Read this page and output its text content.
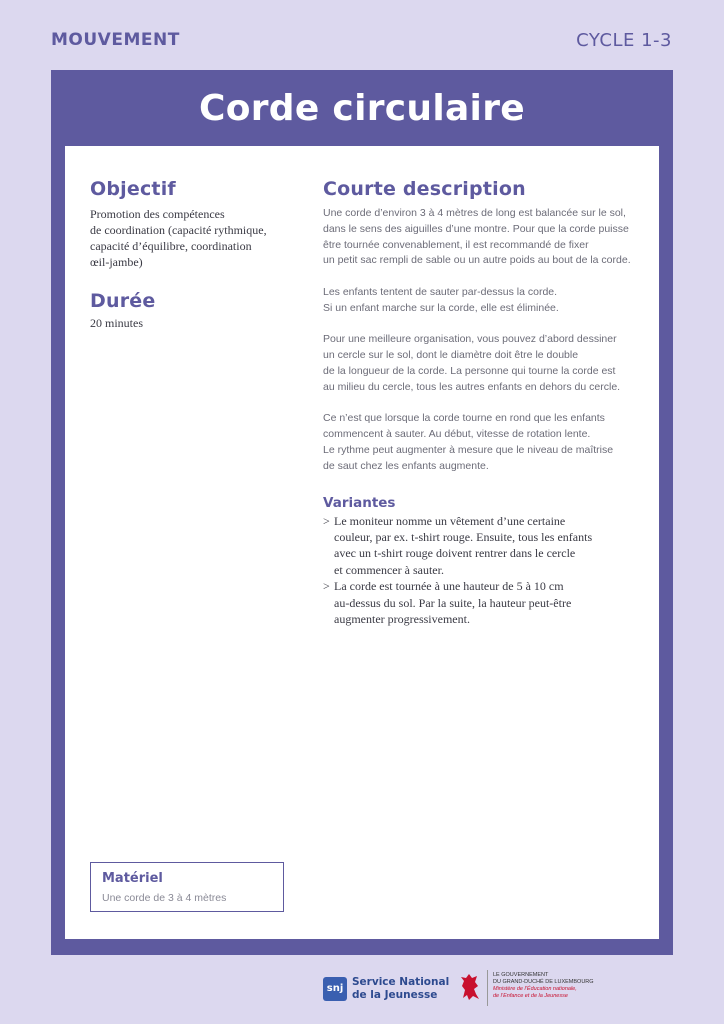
MOUVEMENT	CYCLE 1-3
Corde circulaire
Objectif
Promotion des compétences
de coordination (capacité rythmique,
capacité d’équilibre, coordination
œil-jambe)
Durée
20 minutes
Courte description
Une corde d’environ 3 à 4 mètres de long est balancée sur le sol,
dans le sens des aiguilles d’une montre. Pour que la corde puisse
être tournée convenablement, il est recommandé de fixer
un petit sac rempli de sable ou un autre poids au bout de la corde.
Les enfants tentent de sauter par-dessus la corde.
Si un enfant marche sur la corde, elle est éliminée.
Pour une meilleure organisation, vous pouvez d’abord dessiner
un cercle sur le sol, dont le diamètre doit être le double
de la longueur de la corde. La personne qui tourne la corde est
au milieu du cercle, tous les autres enfants en dehors du cercle.
Ce n’est que lorsque la corde tourne en rond que les enfants
commencent à sauter. Au début, vitesse de rotation lente.
Le rythme peut augmenter à mesure que le niveau de maîtrise
de saut chez les enfants augmente.
Variantes
> Le moniteur nomme un vêtement d’une certaine
couleur, par ex. t-shirt rouge. Ensuite, tous les enfants
avec un t-shirt rouge doivent rentrer dans le cercle
et commencer à sauter.
> La corde est tournée à une hauteur de 5 à 10 cm
au-dessus du sol. Par la suite, la hauteur peut-être
augmenter progressivement.
Matériel
Une corde de 3 à 4 mètres
snj
Service National
de la Jeunesse
LE GOUVERNEMENT
DU GRAND-DUCHÉ DE LUXEMBOURG
Ministère de l’Éducation nationale,
de l’Enfance et de la Jeunesse
